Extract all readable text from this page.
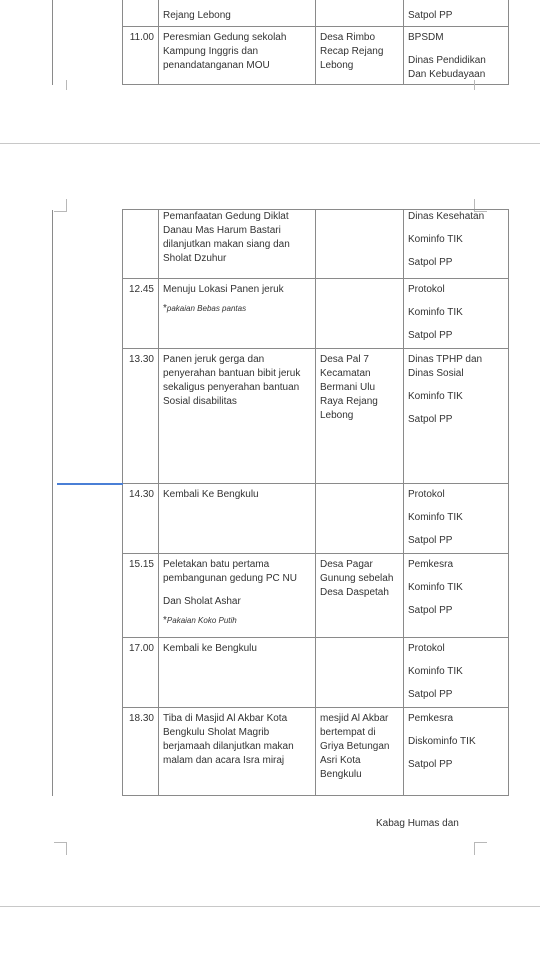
		Rejang Lebong		Satpol PP

	11.00	Peresmian Gedung sekolah Kampung Inggris dan penandatanganan MOU	Desa Rimbo Recap Rejang Lebong	BPSDM
Dinas Pendidikan Dan Kebudayaan

		Pemanfaatan Gedung Diklat Danau Mas Harum Bastari dilanjutkan makan siang dan Sholat Dzuhur		Dinas Kesehatan
Kominfo TIK
Satpol PP

	12.45	Menuju Lokasi Panen jeruk
*pakaian Bebas pantas		Protokol
Kominfo TIK
Satpol PP

	13.30	Panen jeruk gerga dan penyerahan bantuan bibit jeruk sekaligus penyerahan bantuan Sosial disabilitas	Desa Pal 7 Kecamatan Bermani Ulu Raya Rejang Lebong	Dinas TPHP dan Dinas Sosial
Kominfo TIK
Satpol PP

	14.30	Kembali Ke Bengkulu		Protokol
Kominfo TIK
Satpol PP

	15.15	Peletakan batu pertama pembangunan gedung PC NU
Dan Sholat Ashar
*Pakaian Koko Putih	Desa Pagar Gunung sebelah Desa Daspetah	Pemkesra
Kominfo TIK
Satpol PP

	17.00	Kembali ke Bengkulu		Protokol
Kominfo TIK
Satpol PP

	18.30	Tiba di Masjid Al Akbar Kota Bengkulu Sholat Magrib berjamaah dilanjutkan makan malam dan acara Isra miraj	mesjid Al Akbar bertempat di Griya Betungan Asri Kota Bengkulu	Pemkesra
Diskominfo TIK
Satpol PP
Kabag Humas dan
